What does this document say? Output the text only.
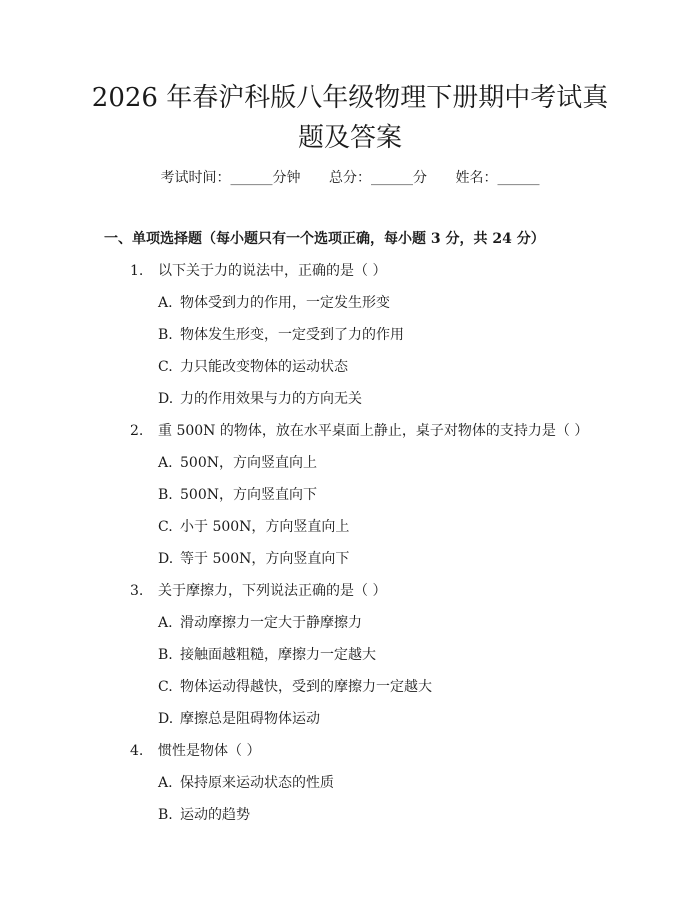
2026 年春沪科版八年级物理下册期中考试真
题及答案
考试时间：______分钟 总分：______分 姓名：______
一、单项选择题（每小题只有一个选项正确，每小题 3 分，共 24 分）
1. 以下关于力的说法中，正确的是（ ）
A. 物体受到力的作用，一定发生形变
B. 物体发生形变，一定受到了力的作用
C. 力只能改变物体的运动状态
D. 力的作用效果与力的方向无关
2. 重 500N 的物体，放在水平桌面上静止，桌子对物体的支持力是（ ）
A. 500N，方向竖直向上
B. 500N，方向竖直向下
C. 小于 500N，方向竖直向上
D. 等于 500N，方向竖直向下
3. 关于摩擦力，下列说法正确的是（ ）
A. 滑动摩擦力一定大于静摩擦力
B. 接触面越粗糙，摩擦力一定越大
C. 物体运动得越快，受到的摩擦力一定越大
D. 摩擦总是阻碍物体运动
4. 惯性是物体（ ）
A. 保持原来运动状态的性质
B. 运动的趋势
